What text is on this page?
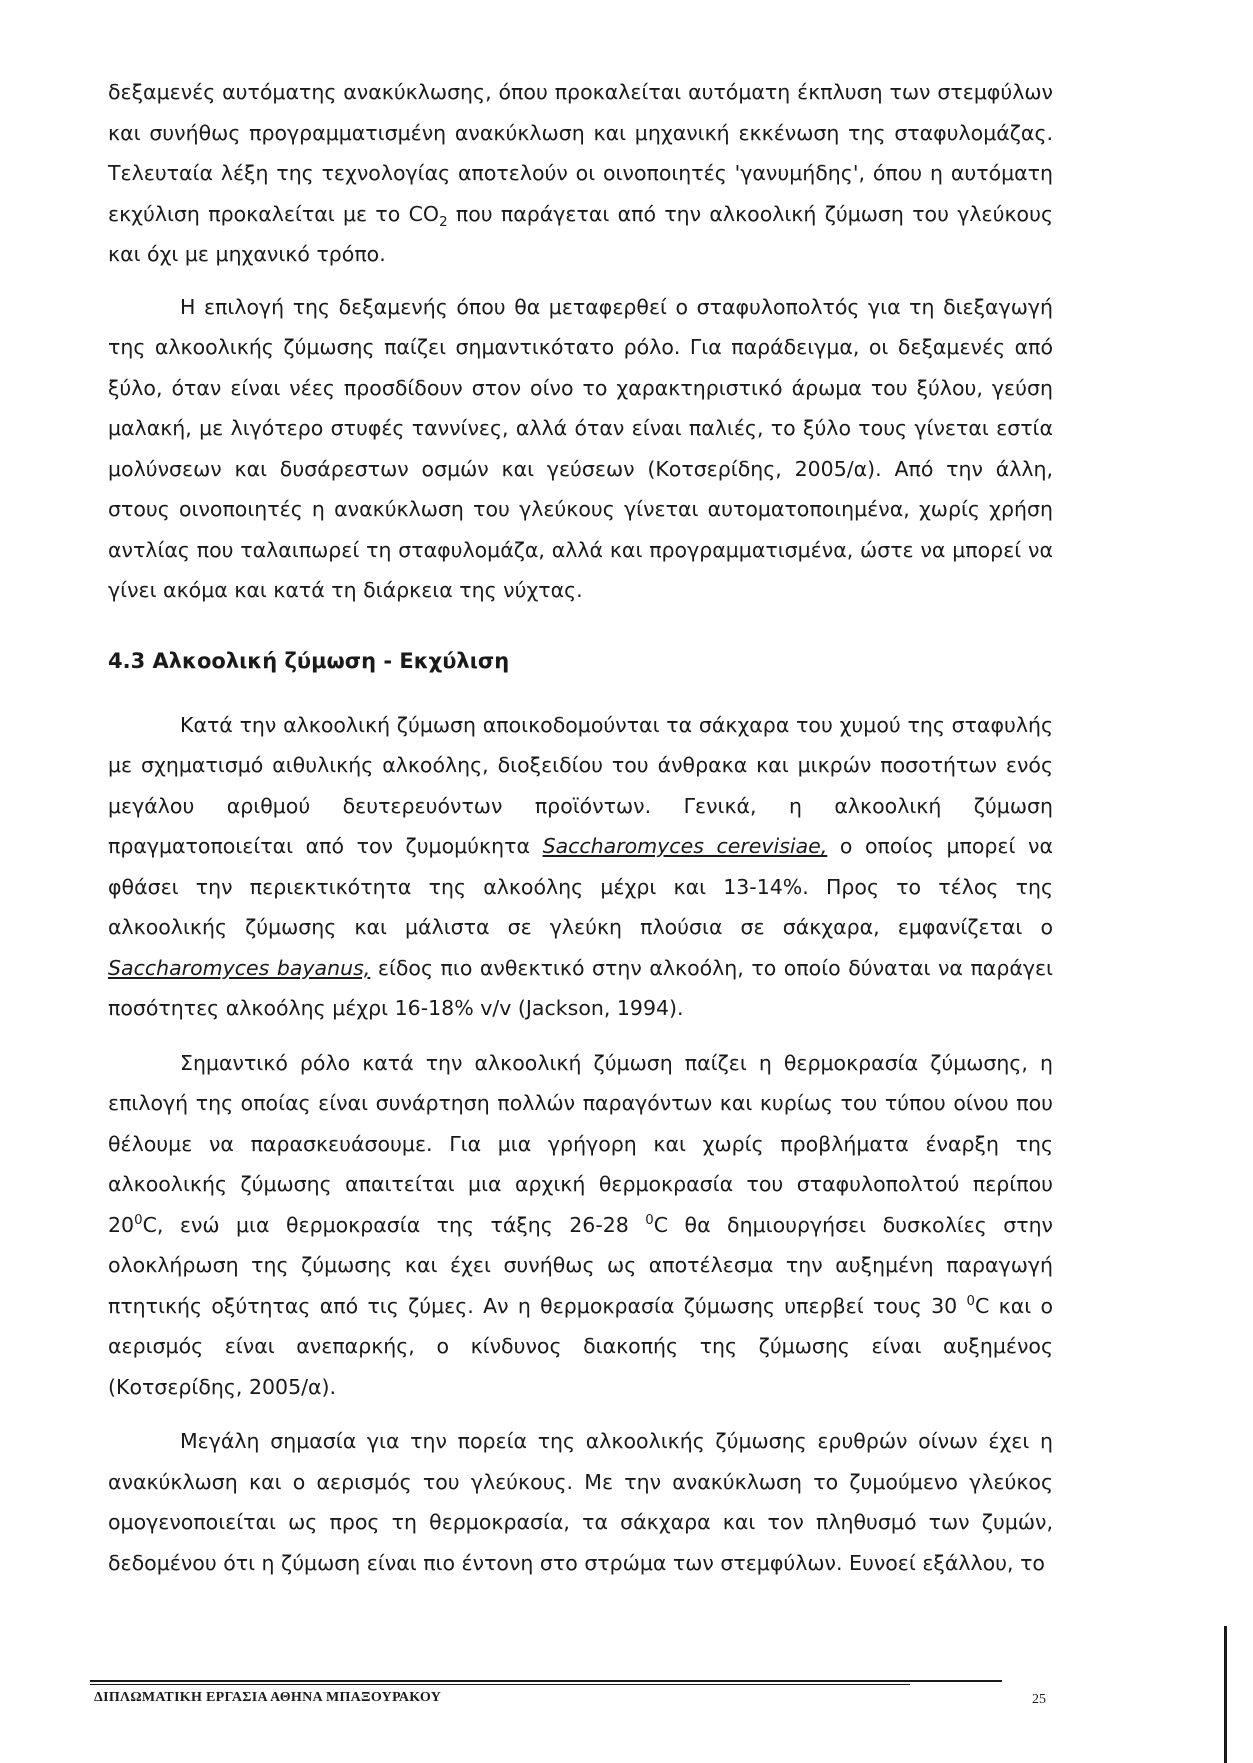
δεξαμενές αυτόματης ανακύκλωσης, όπου προκαλείται αυτόματη έκπλυση των στεμφύλων και συνήθως προγραμματισμένη ανακύκλωση και μηχανική εκκένωση της σταφυλομάζας. Τελευταία λέξη της τεχνολογίας αποτελούν οι οινοποιητές 'γανυμήδης', όπου η αυτόματη εκχύλιση προκαλείται με το $CO_2$ που παράγεται από την αλκοολική ζύμωση του γλεύκους και όχι με μηχανικό τρόπο.

Η επιλογή της δεξαμενής όπου θα μεταφερθεί ο σταφυλοπολτός για τη διεξαγωγή της αλκοολικής ζύμωσης παίζει σημαντικότατο ρόλο. Για παράδειγμα, οι δεξαμενές από ξύλο, όταν είναι νέες προσδίδουν στον οίνο το χαρακτηριστικό άρωμα του ξύλου, γεύση μαλακή, με λιγότερο στυφές ταννίνες, αλλά όταν είναι παλιές, το ξύλο τους γίνεται εστία μολύνσεων και δυσάρεστων οσμών και γεύσεων (Κοτσερίδης, 2005/α). Από την άλλη, στους οινοποιητές η ανακύκλωση του γλεύκους γίνεται αυτοματοποιημένα, χωρίς χρήση αντλίας που ταλαιπωρεί τη σταφυλομάζα, αλλά και προγραμματισμένα, ώστε να μπορεί να γίνει ακόμα και κατά τη διάρκεια της νύχτας.

4.3 Αλκοολική ζύμωση - Εκχύλιση

Κατά την αλκοολική ζύμωση αποικοδομούνται τα σάκχαρα του χυμού της σταφυλής με σχηματισμό αιθυλικής αλκοόλης, διοξειδίου του άνθρακα και μικρών ποσοτήτων ενός μεγάλου αριθμού δευτερευόντων προϊόντων. Γενικά, η αλκοολική ζύμωση πραγματοποιείται από τον ζυμομύκητα Saccharomyces cerevisiae, ο οποίος μπορεί να φθάσει την περιεκτικότητα της αλκοόλης μέχρι και 13-14%. Προς το τέλος της αλκοολικής ζύμωσης και μάλιστα σε γλεύκη πλούσια σε σάκχαρα, εμφανίζεται ο Saccharomyces bayanus, είδος πιο ανθεκτικό στην αλκοόλη, το οποίο δύναται να παράγει ποσότητες αλκοόλης μέχρι 16-18% v/v (Jackson, 1994).

Σημαντικό ρόλο κατά την αλκοολική ζύμωση παίζει η θερμοκρασία ζύμωσης, η επιλογή της οποίας είναι συνάρτηση πολλών παραγόντων και κυρίως του τύπου οίνου που θέλουμε να παρασκευάσουμε. Για μια γρήγορη και χωρίς προβλήματα έναρξη της αλκοολικής ζύμωσης απαιτείται μια αρχική θερμοκρασία του σταφυλοπολτού περίπου $20^0C$, ενώ μια θερμοκρασία της τάξης 26-28 $^0$C θα δημιουργήσει δυσκολίες στην ολοκλήρωση της ζύμωσης και έχει συνήθως ως αποτέλεσμα την αυξημένη παραγωγή πτητικής οξύτητας από τις ζύμες. Αν η θερμοκρασία ζύμωσης υπερβεί τους 30 $^0$C και ο αερισμός είναι ανεπαρκής, ο κίνδυνος διακοπής της ζύμωσης είναι αυξημένος (Κοτσερίδης, 2005/α).

Μεγάλη σημασία για την πορεία της αλκοολικής ζύμωσης ερυθρών οίνων έχει η ανακύκλωση και ο αερισμός του γλεύκους. Με την ανακύκλωση το ζυμούμενο γλεύκος ομογενοποιείται ως προς τη θερμοκρασία, τα σάκχαρα και τον πληθυσμό των ζυμών, δεδομένου ότι η ζύμωση είναι πιο έντονη στο στρώμα των στεμφύλων. Ευνοεί εξάλλου, το

ΔΙΠΛΩΜΑΤΙΚΗ ΕΡΓΑΣΙΑ ΑΘΗΝΑ ΜΠΑΞΟΥΡΑΚΟΥ	25
